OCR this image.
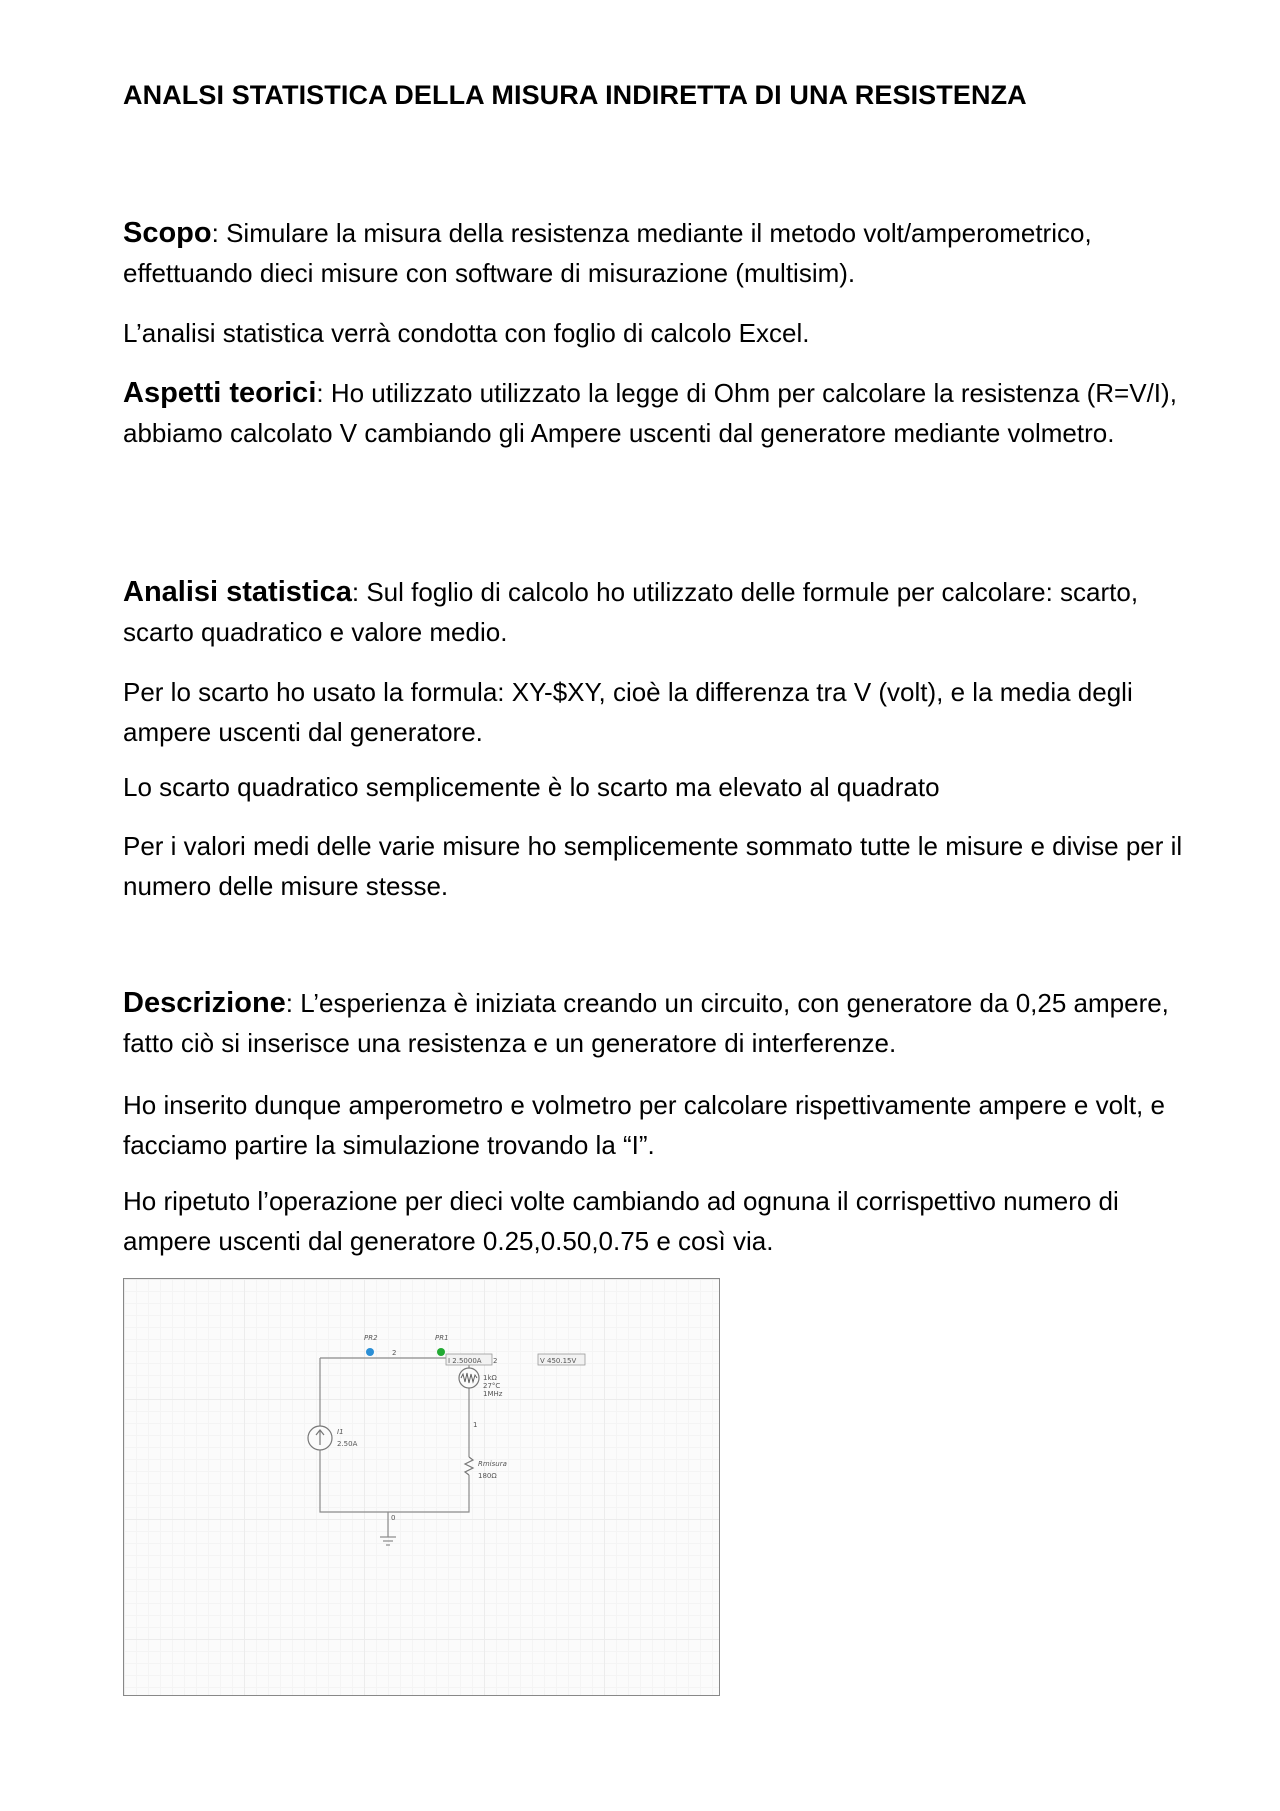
ANALSI STATISTICA DELLA MISURA INDIRETTA DI UNA RESISTENZA

Scopo: Simulare la misura della resistenza mediante il metodo volt/amperometrico, effettuando dieci misure con software di misurazione (multisim).

L’analisi statistica verrà condotta con foglio di calcolo Excel.

Aspetti teorici: Ho utilizzato utilizzato la legge di Ohm per calcolare la resistenza (R=V/I), abbiamo calcolato V cambiando gli Ampere uscenti dal generatore mediante volmetro.

Analisi statistica: Sul foglio di calcolo ho utilizzato delle formule per calcolare: scarto, scarto quadratico e valore medio.

Per lo scarto ho usato la formula: XY-$XY, cioè la differenza tra V (volt), e la media degli ampere uscenti dal generatore.

Lo scarto quadratico semplicemente è lo scarto ma elevato al quadrato

Per i valori medi delle varie misure ho semplicemente sommato tutte le misure e divise per il numero delle misure stesse.

Descrizione: L’esperienza è iniziata creando un circuito, con generatore da 0,25 ampere, fatto ciò si inserisce una resistenza e un generatore di interferenze.

Ho inserito dunque amperometro e volmetro per calcolare rispettivamente ampere e volt, e facciamo partire la simulazione trovando la “I”.

Ho ripetuto l’operazione per dieci volte cambiando ad ognuna il corrispettivo numero di ampere uscenti dal generatore 0.25,0.50,0.75 e così via.

I1
2.50A
PR2	PR1
2
I 2.5000A 2	V 450.15V
1kΩ
27°C
1MHz
1
Rmisura
180Ω
0
